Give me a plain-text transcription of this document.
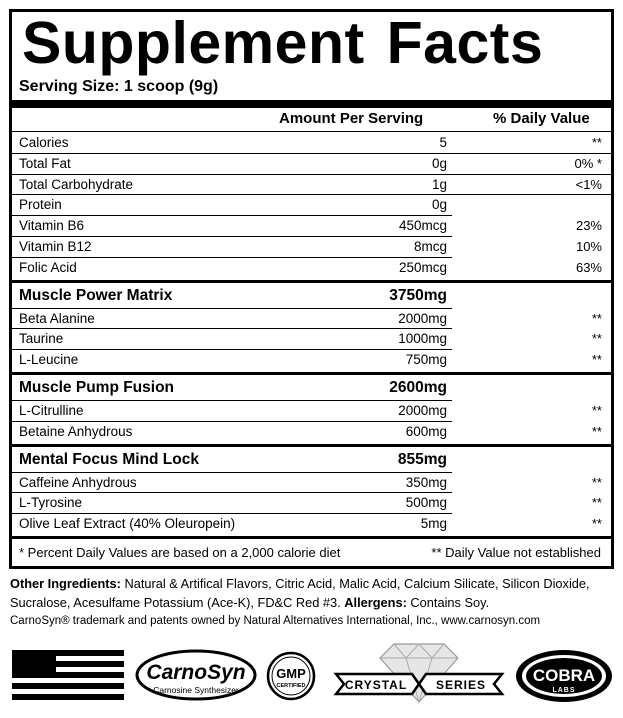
Supplement Facts
Serving Size: 1 scoop (9g)
Amount Per Serving	% Daily Value
Calories	5	**
Total Fat	0g	0% *
Total Carbohydrate	1g	<1%
Protein	0g
Vitamin B6	450mcg	23%
Vitamin B12	8mcg	10%
Folic Acid	250mcg	63%
Muscle Power Matrix	3750mg
Beta Alanine	2000mg	**
Taurine	1000mg	**
L-Leucine	750mg	**
Muscle Pump Fusion	2600mg
L-Citrulline	2000mg	**
Betaine Anhydrous	600mg	**
Mental Focus Mind Lock	855mg
Caffeine Anhydrous	350mg	**
L-Tyrosine	500mg	**
Olive Leaf Extract (40% Oleuropein)	5mg	**
* Percent Daily Values are based on a 2,000 calorie diet	** Daily Value not established
Other Ingredients: Natural & Artifical Flavors, Citric Acid, Malic Acid, Calcium Silicate, Silicon Dioxide, Sucralose, Acesulfame Potassium (Ace-K), FD&C Red #3. Allergens: Contains Soy.
CarnoSyn® trademark and patents owned by Natural Alternatives International, Inc., www.carnosyn.com
CarnoSyn
Carnosine Synthesizer
GMP
CERTIFIED	CRYSTAL SERIES	COBRA
LABS
